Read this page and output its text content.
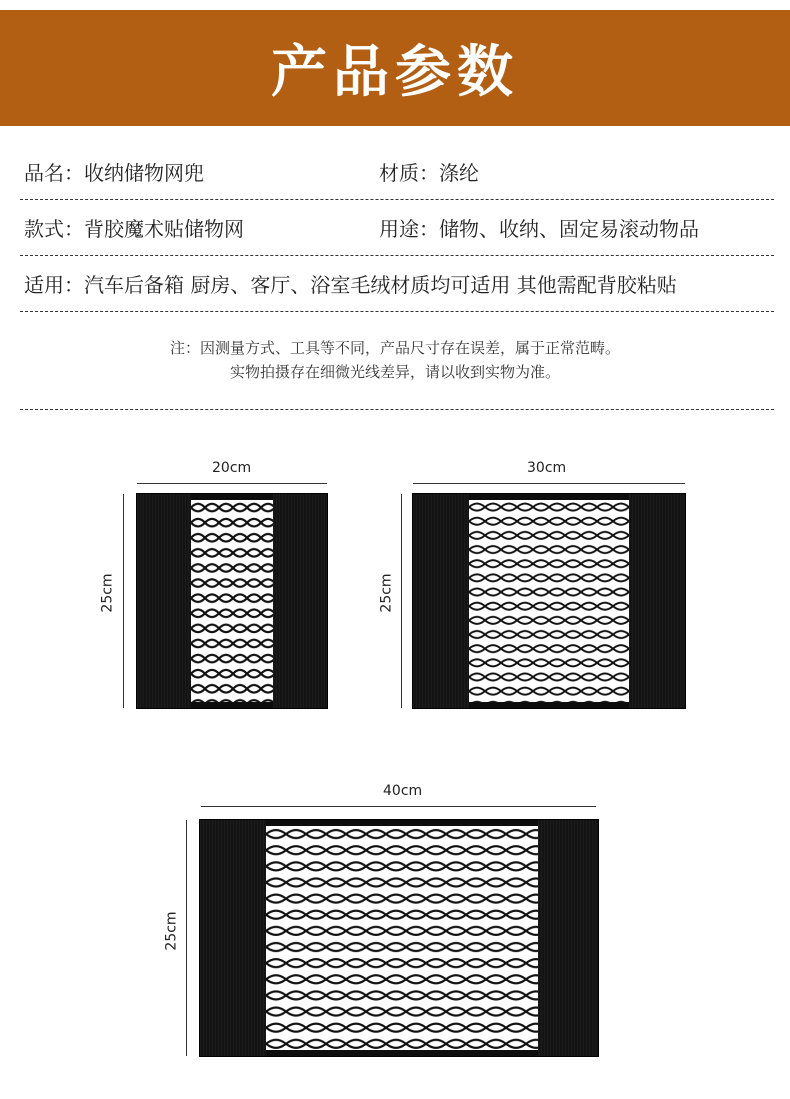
产品参数
品名：收纳储物网兜	材质：涤纶
款式：背胶魔术贴储物网	用途：储物、收纳、固定易滚动物品
适用：汽车后备箱 厨房、客厅、浴室毛绒材质均可适用 其他需配背胶粘贴
注：因测量方式、工具等不同，产品尺寸存在误差，属于正常范畴。
实物拍摄存在细微光线差异，请以收到实物为准。
20cm
25cm
30cm
25cm
40cm
25cm
